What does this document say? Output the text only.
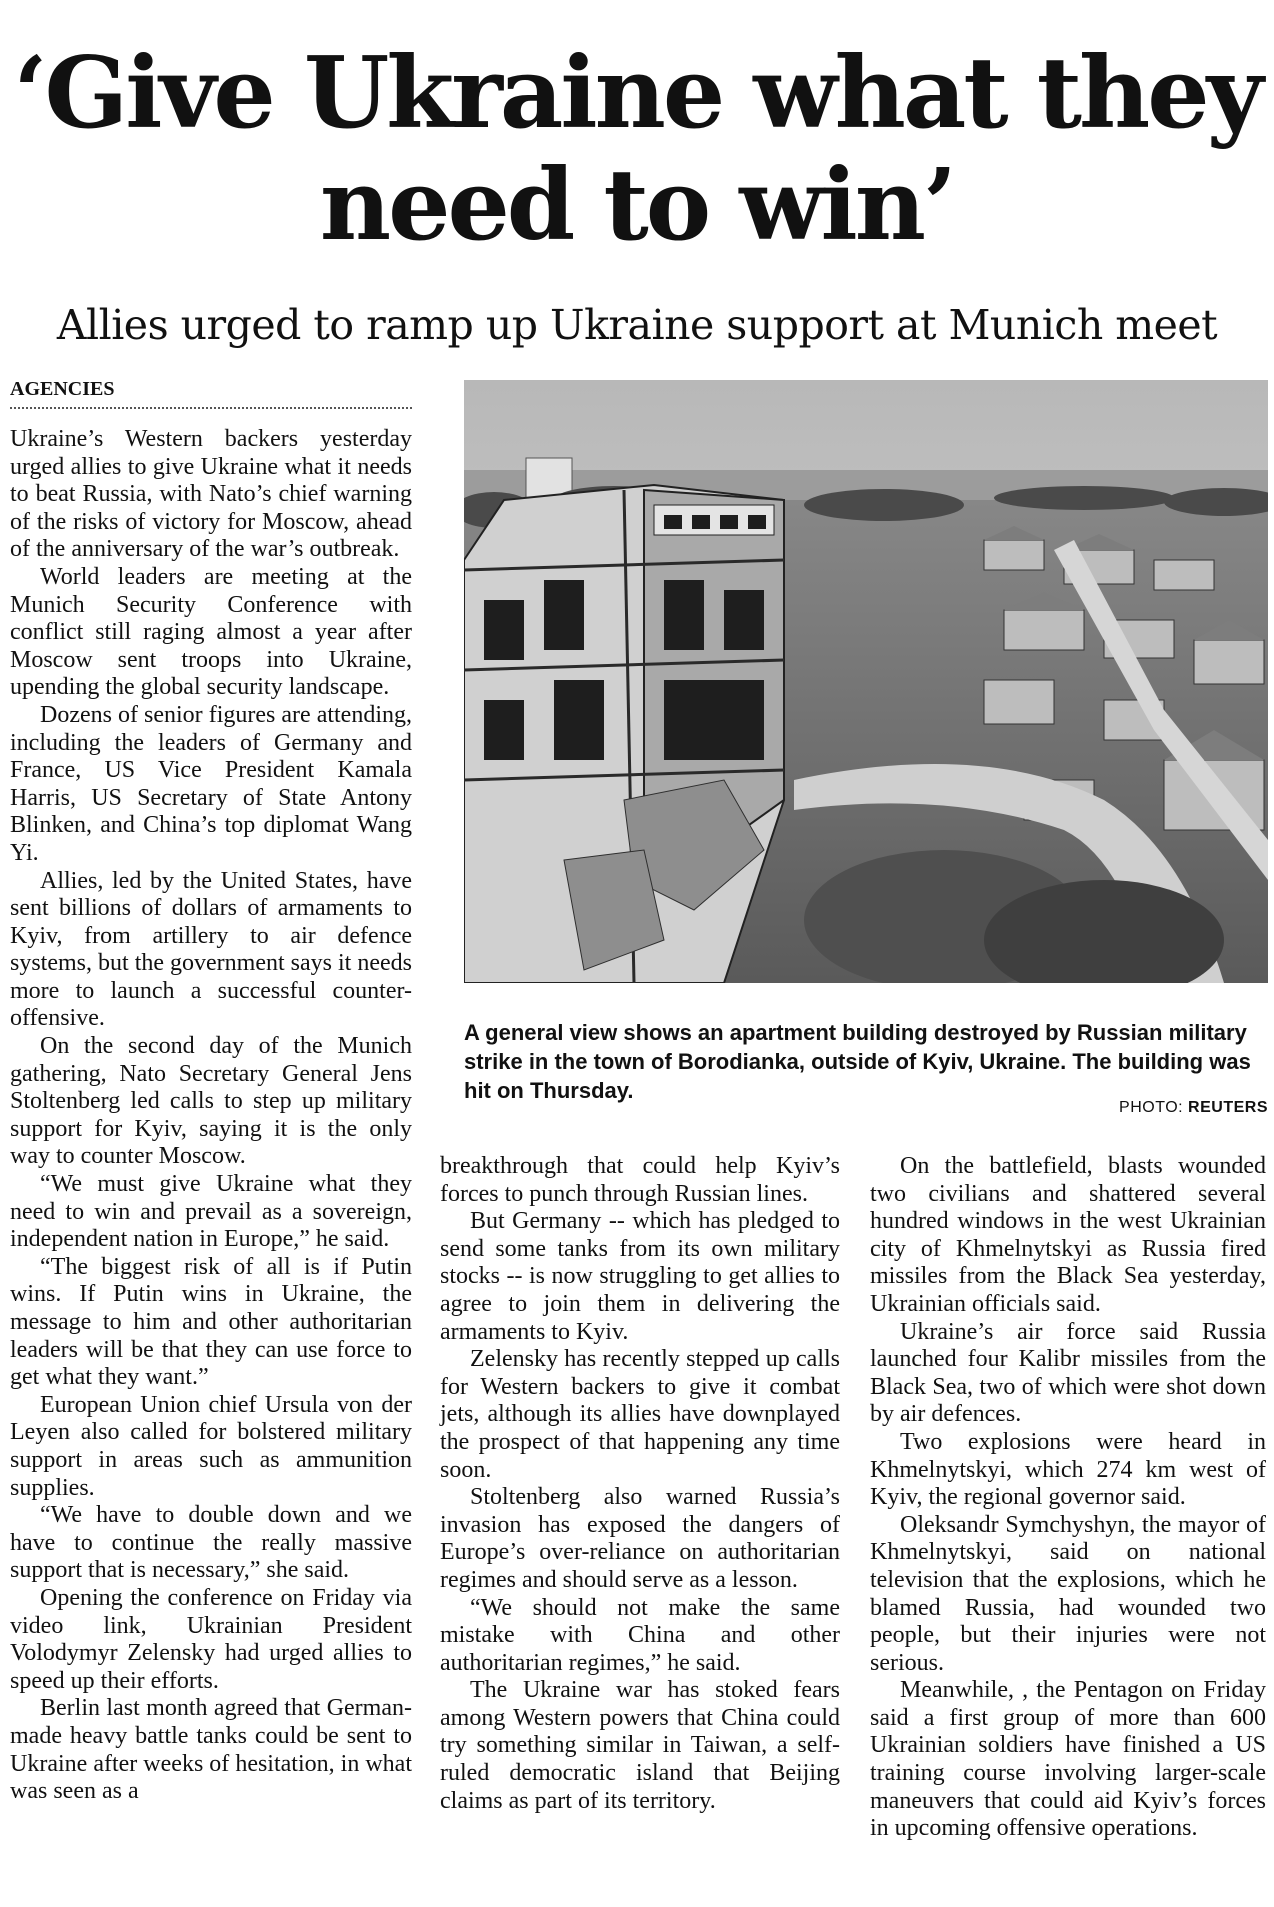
‘Give Ukraine what they need to win’
Allies urged to ramp up Ukraine support at Munich meet
AGENCIES

Ukraine’s Western backers yesterday urged allies to give Ukraine what it needs to beat Russia, with Nato’s chief warning of the risks of victory for Moscow, ahead of the anniversary of the war’s outbreak.

World leaders are meeting at the Munich Security Conference with conflict still raging almost a year after Moscow sent troops into Ukraine, upending the global security landscape.

Dozens of senior figures are attending, including the leaders of Germany and France, US Vice President Kamala Harris, US Secretary of State Antony Blinken, and China’s top diplomat Wang Yi.

Allies, led by the United States, have sent billions of dollars of armaments to Kyiv, from artillery to air defence systems, but the government says it needs more to launch a successful counter-offensive.

On the second day of the Munich gathering, Nato Secretary General Jens Stoltenberg led calls to step up military support for Kyiv, saying it is the only way to counter Moscow.

“We must give Ukraine what they need to win and prevail as a sovereign, independent nation in Europe,” he said.

“The biggest risk of all is if Putin wins. If Putin wins in Ukraine, the message to him and other authoritarian leaders will be that they can use force to get what they want.”

European Union chief Ursula von der Leyen also called for bolstered military support in areas such as ammunition supplies.

“We have to double down and we have to continue the really massive support that is necessary,” she said.

Opening the conference on Friday via video link, Ukrainian President Volodymyr Zelensky had urged allies to speed up their efforts.

Berlin last month agreed that German-made heavy battle tanks could be sent to Ukraine after weeks of hesitation, in what was seen as a

A general view shows an apartment building destroyed by Russian military strike in the town of Borodianka, outside of Kyiv, Ukraine. The building was hit on Thursday.

PHOTO: REUTERS

breakthrough that could help Kyiv’s forces to punch through Russian lines.

But Germany -- which has pledged to send some tanks from its own military stocks -- is now struggling to get allies to agree to join them in delivering the armaments to Kyiv.

Zelensky has recently stepped up calls for Western backers to give it combat jets, although its allies have downplayed the prospect of that happening any time soon.

Stoltenberg also warned Russia’s invasion has exposed the dangers of Europe’s over-reliance on authoritarian regimes and should serve as a lesson.

“We should not make the same mistake with China and other authoritarian regimes,” he said.

The Ukraine war has stoked fears among Western powers that China could try something similar in Taiwan, a self-ruled democratic island that Beijing claims as part of its territory.

On the battlefield, blasts wounded two civilians and shattered several hundred windows in the west Ukrainian city of Khmelnytskyi as Russia fired missiles from the Black Sea yesterday, Ukrainian officials said.

Ukraine’s air force said Russia launched four Kalibr missiles from the Black Sea, two of which were shot down by air defences.

Two explosions were heard in Khmelnytskyi, which 274 km west of Kyiv, the regional governor said.

Oleksandr Symchyshyn, the mayor of Khmelnytskyi, said on national television that the explosions, which he blamed Russia, had wounded two people, but their injuries were not serious.

Meanwhile, , the Pentagon on Friday said a first group of more than 600 Ukrainian soldiers have finished a US training course involving larger-scale maneuvers that could aid Kyiv’s forces in upcoming offensive operations.
